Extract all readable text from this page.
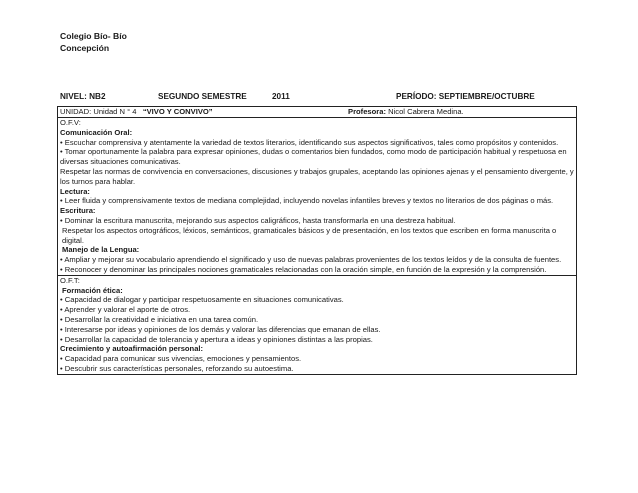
Colegio Bío- Bío
Concepción
NIVEL: NB2	SEGUNDO SEMESTRE	2011	PERÍODO: SEPTIEMBRE/OCTUBRE
UNIDAD: Unidad N ° 4 “VIVO Y CONVIVO”	Profesora: Nicol Cabrera Medina.

O.F.V:
Comunicación Oral:
• Escuchar comprensiva y atentamente la variedad de textos literarios, identificando sus aspectos significativos, tales como propósitos y contenidos.
• Tomar oportunamente la palabra para expresar opiniones, dudas o comentarios bien fundados, como modo de participación habitual y respetuosa en diversas situaciones comunicativas.
Respetar las normas de convivencia en conversaciones, discusiones y trabajos grupales, aceptando las opiniones ajenas y el pensamiento divergente, y los turnos para hablar.
Lectura:
• Leer fluida y comprensivamente textos de mediana complejidad, incluyendo novelas infantiles breves y textos no literarios de dos páginas o más.
Escritura:
• Dominar la escritura manuscrita, mejorando sus aspectos caligráficos, hasta transformarla en una destreza habitual.
Respetar los aspectos ortográficos, léxicos, semánticos, gramaticales básicos y de presentación, en los textos que escriben en forma manuscrita o digital.
Manejo de la Lengua:
• Ampliar y mejorar su vocabulario aprendiendo el significado y uso de nuevas palabras provenientes de los textos leídos y de la consulta de fuentes.
• Reconocer y denominar las principales nociones gramaticales relacionadas con la oración simple, en función de la expresión y la comprensión.

O.F.T:
Formación ética:
• Capacidad de dialogar y participar respetuosamente en situaciones comunicativas.
• Aprender y valorar el aporte de otros.
• Desarrollar la creatividad e iniciativa en una tarea común.
• Interesarse por ideas y opiniones de los demás y valorar las diferencias que emanan de ellas.
• Desarrollar la capacidad de tolerancia y apertura a ideas y opiniones distintas a las propias.
Crecimiento y autoafirmación personal:
• Capacidad para comunicar sus vivencias, emociones y pensamientos.
• Descubrir sus características personales, reforzando su autoestima.
